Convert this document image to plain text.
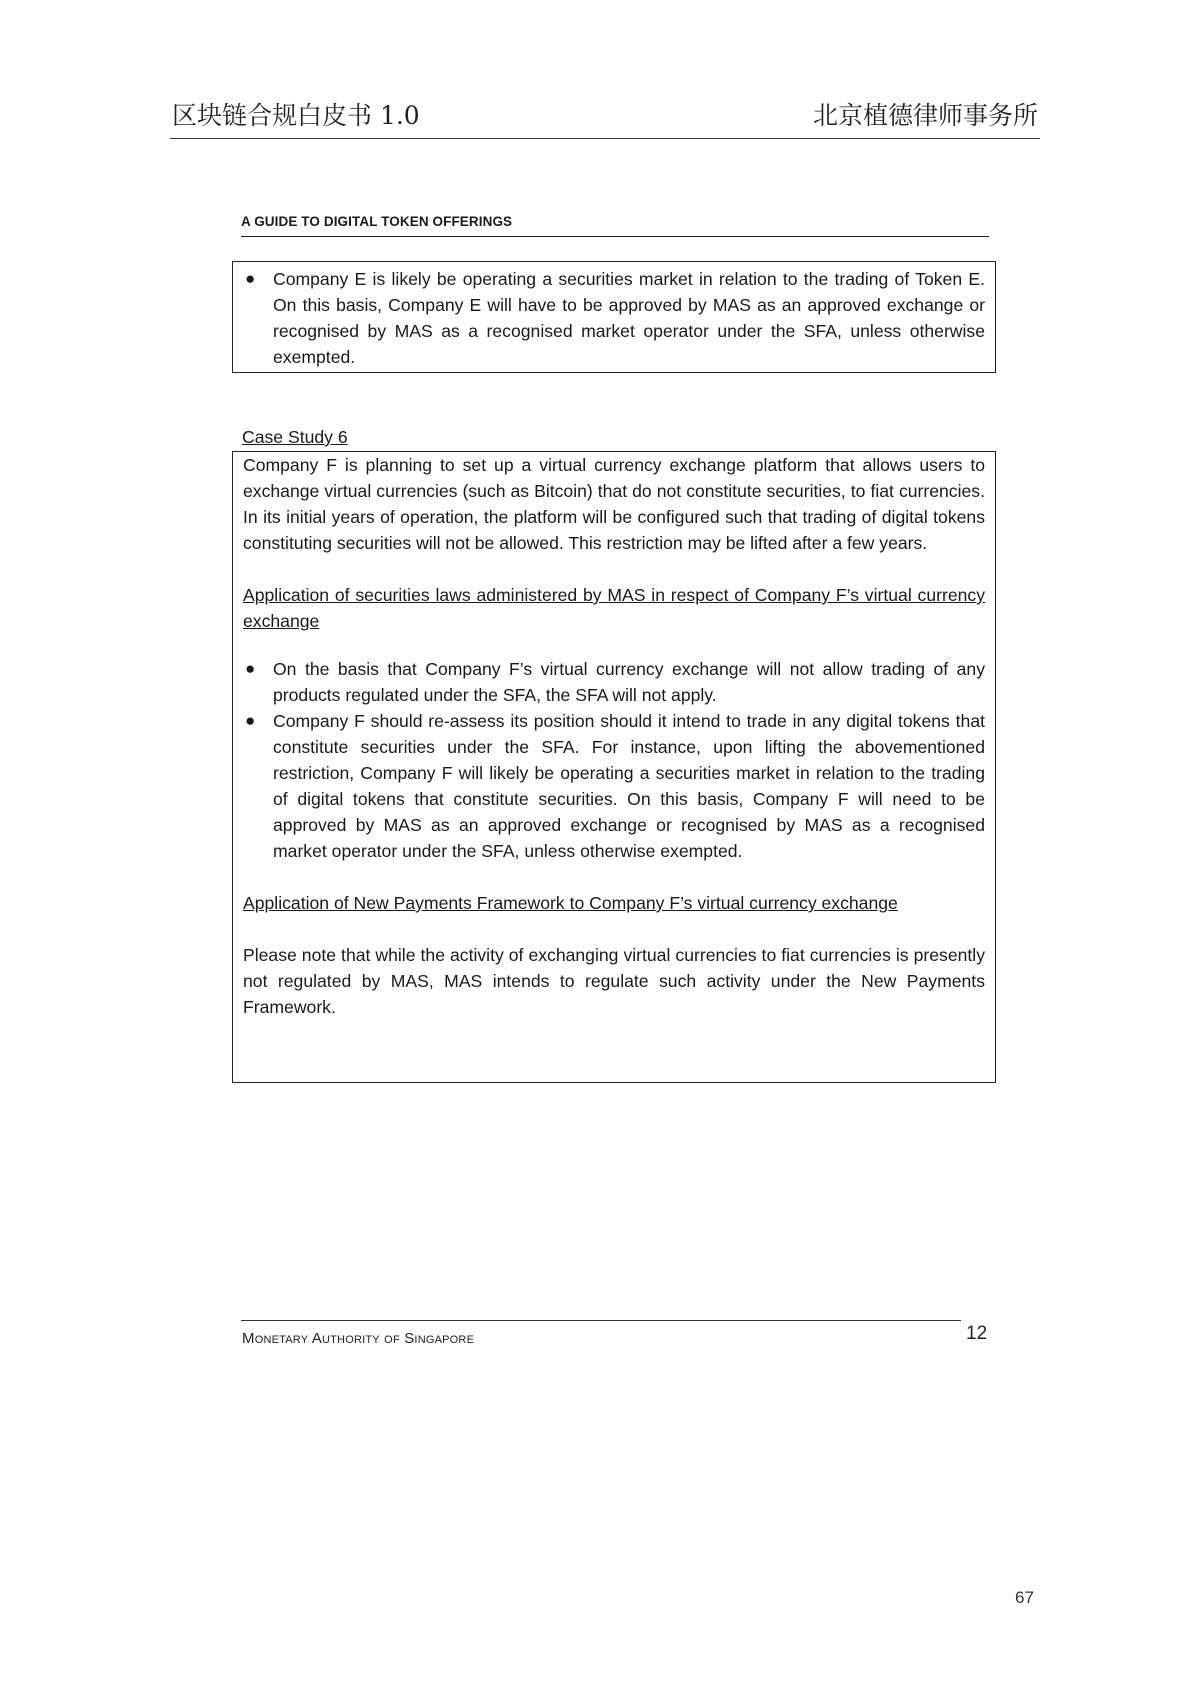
区块链合规白皮书 1.0	北京植德律师事务所
A GUIDE TO DIGITAL TOKEN OFFERINGS
● Company E is likely be operating a securities market in relation to the trading of Token E. On this basis, Company E will have to be approved by MAS as an approved exchange or recognised by MAS as a recognised market operator under the SFA, unless otherwise exempted.
Case Study 6

Company F is planning to set up a virtual currency exchange platform that allows users to exchange virtual currencies (such as Bitcoin) that do not constitute securities, to fiat currencies. In its initial years of operation, the platform will be configured such that trading of digital tokens constituting securities will not be allowed. This restriction may be lifted after a few years.

Application of securities laws administered by MAS in respect of Company F’s virtual currency exchange

● On the basis that Company F’s virtual currency exchange will not allow trading of any products regulated under the SFA, the SFA will not apply.
● Company F should re-assess its position should it intend to trade in any digital tokens that constitute securities under the SFA. For instance, upon lifting the abovementioned restriction, Company F will likely be operating a securities market in relation to the trading of digital tokens that constitute securities. On this basis, Company F will need to be approved by MAS as an approved exchange or recognised by MAS as a recognised market operator under the SFA, unless otherwise exempted.

Application of New Payments Framework to Company F’s virtual currency exchange

Please note that while the activity of exchanging virtual currencies to fiat currencies is presently not regulated by MAS, MAS intends to regulate such activity under the New Payments Framework.

Monetary Authority of Singapore	12
67
